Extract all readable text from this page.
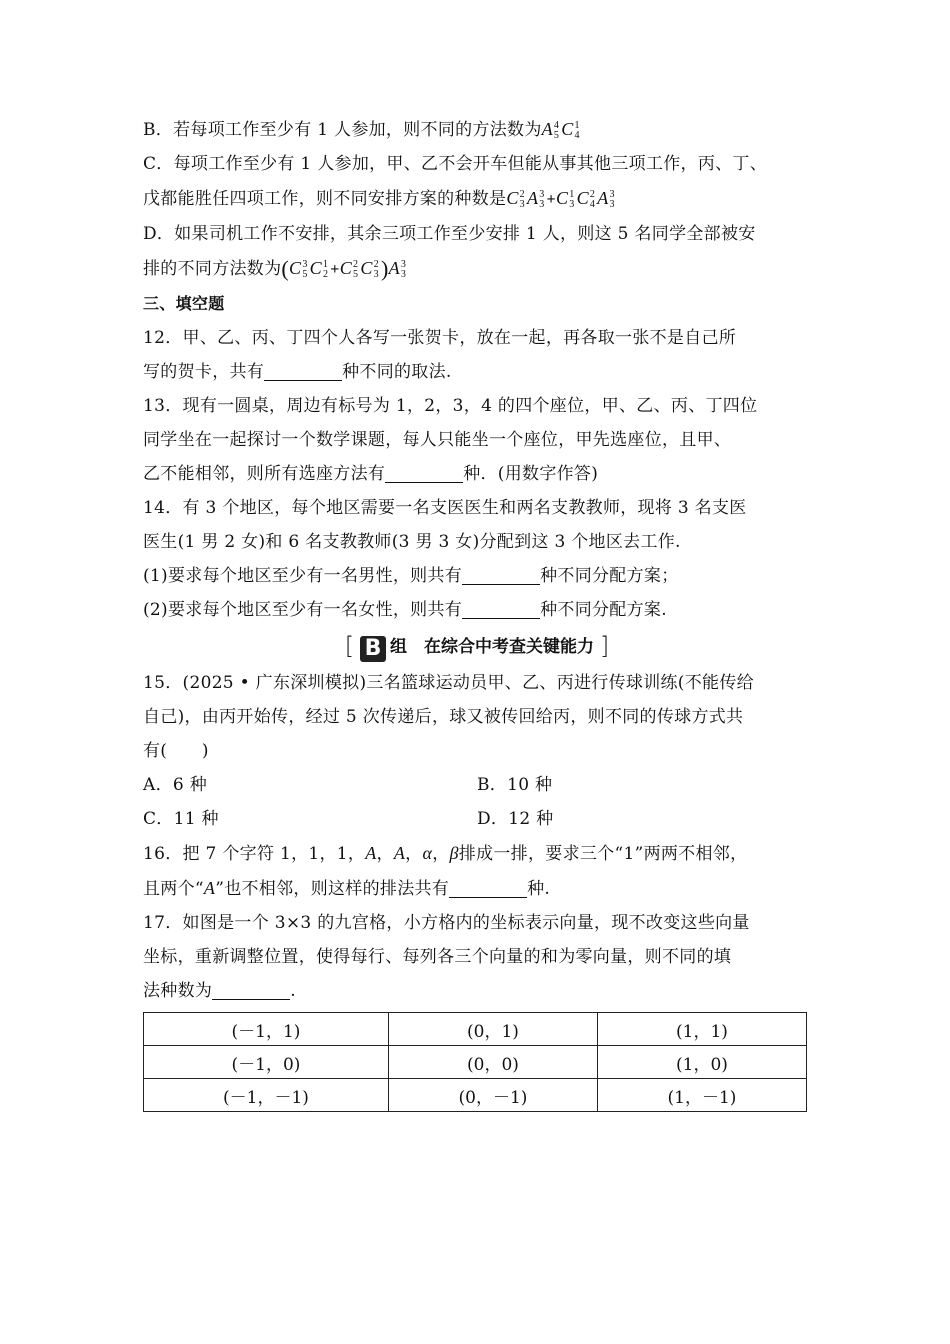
B．若每项工作至少有 1 人参加，则不同的方法数为A 4
5 C 1
4
C．每项工作至少有 1 人参加，甲、乙不会开车但能从事其他三项工作，丙、丁、
戊都能胜任四项工作，则不同安排方案的种数是C 2
3 A 3
3 +C 1
3 C 2
4 A 3
3
D．如果司机工作不安排，其余三项工作至少安排 1 人，则这 5 名同学全部被安
排的不同方法数为(C 3
5 C 1
2 +C 2
5 C 2
3 )A 3
3
三、填空题
12．甲、乙、丙、丁四个人各写一张贺卡，放在一起，再各取一张不是自己所
写的贺卡，共有	种不同的取法.
13．现有一圆桌，周边有标号为 1，2，3，4 的四个座位，甲、乙、丙、丁四位
同学坐在一起探讨一个数学课题，每人只能坐一个座位，甲先选座位，且甲、
乙不能相邻，则所有选座方法有	种．(用数字作答)
14．有 3 个地区，每个地区需要一名支医医生和两名支教教师，现将 3 名支医
医生(1 男 2 女)和 6 名支教教师(3 男 3 女)分配到这 3 个地区去工作.
(1)要求每个地区至少有一名男性，则共有	种不同分配方案；
(2)要求每个地区至少有一名女性，则共有	种不同分配方案.
[ B 组　在综合中考查关键能力 ]
15．(2025 • 广东深圳模拟)三名篮球运动员甲、乙、丙进行传球训练(不能传给
自己)，由丙开始传，经过 5 次传递后，球又被传回给丙，则不同的传球方式共
有(　　)
A．6 种	B．10 种
C．11 种	D．12 种
16．把 7 个字符 1，1，1，A，A，α，β排成一排，要求三个“1”两两不相邻，
且两个“A”也不相邻，则这样的排法共有	种.
17．如图是一个 3×3 的九宫格，小方格内的坐标表示向量，现不改变这些向量
坐标，重新调整位置，使得每行、每列各三个向量的和为零向量，则不同的填
法种数为	.
(－1，1)	(0，1)	(1，1)
(－1，0)	(0，0)	(1，0)
(－1，－1)	(0，－1)	(1，－1)
